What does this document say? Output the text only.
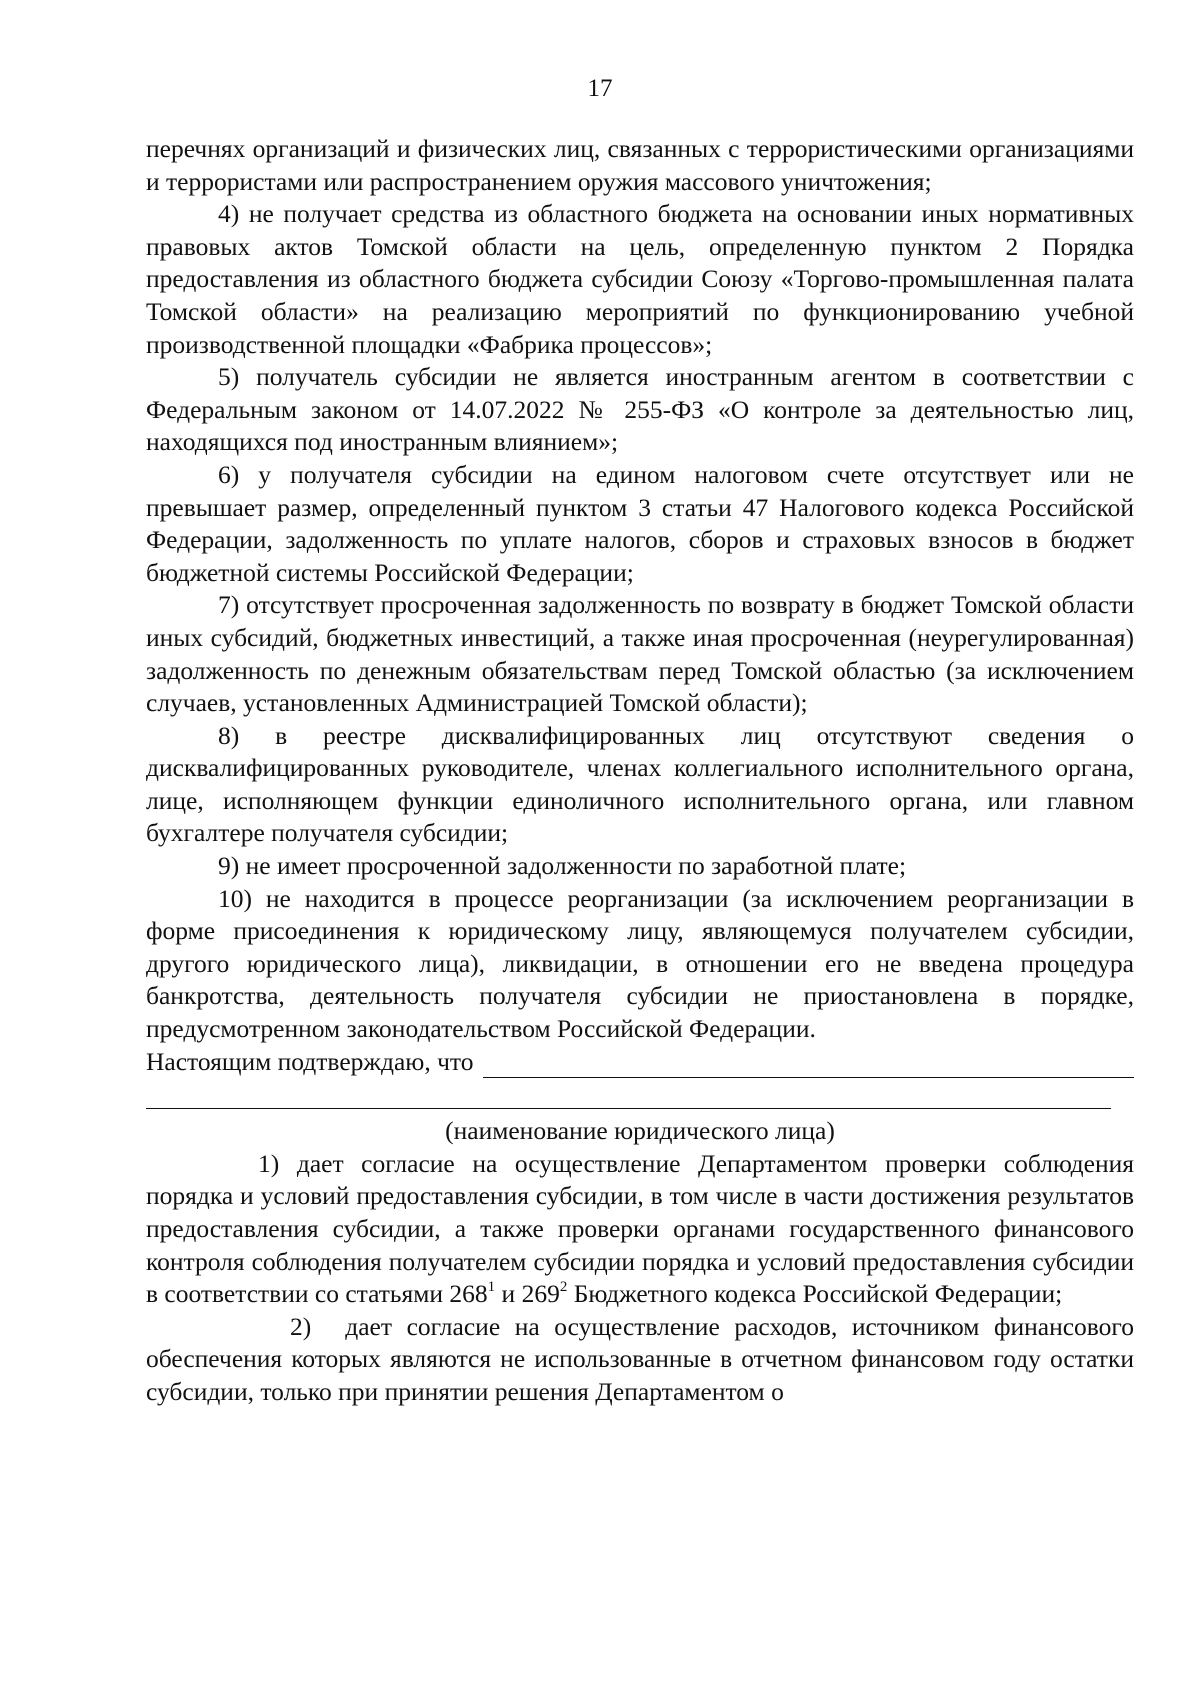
17

перечнях организаций и физических лиц, связанных с террористическими организациями и террористами или распространением оружия массового уничтожения;

4) не получает средства из областного бюджета на основании иных нормативных правовых актов Томской области на цель, определенную пунктом 2 Порядка предоставления из областного бюджета субсидии Союзу «Торгово-промышленная палата Томской области» на реализацию мероприятий по функционированию учебной производственной площадки «Фабрика процессов»;

5) получатель субсидии не является иностранным агентом в соответствии с Федеральным законом от 14.07.2022 № 255-ФЗ «О контроле за деятельностью лиц, находящихся под иностранным влиянием»;

6) у получателя субсидии на едином налоговом счете отсутствует или не превышает размер, определенный пунктом 3 статьи 47 Налогового кодекса Российской Федерации, задолженность по уплате налогов, сборов и страховых взносов в бюджет бюджетной системы Российской Федерации;

7) отсутствует просроченная задолженность по возврату в бюджет Томской области иных субсидий, бюджетных инвестиций, а также иная просроченная (неурегулированная) задолженность по денежным обязательствам перед Томской областью (за исключением случаев, установленных Администрацией Томской области);

8) в реестре дисквалифицированных лиц отсутствуют сведения о дисквалифицированных руководителе, членах коллегиального исполнительного органа, лице, исполняющем функции единоличного исполнительного органа, или главном бухгалтере получателя субсидии;

9) не имеет просроченной задолженности по заработной плате;

10) не находится в процессе реорганизации (за исключением реорганизации в форме присоединения к юридическому лицу, являющемуся получателем субсидии, другого юридического лица), ликвидации, в отношении его не введена процедура банкротства, деятельность получателя субсидии не приостановлена в порядке, предусмотренном законодательством Российской Федерации.

Настоящим подтверждаю, что

(наименование юридического лица)

1) дает согласие на осуществление Департаментом проверки соблюдения порядка и условий предоставления субсидии, в том числе в части достижения результатов предоставления субсидии, а также проверки органами государственного финансового контроля соблюдения получателем субсидии порядка и условий предоставления субсидии в соответствии со статьями $268^1$ и $269^2$ Бюджетного кодекса Российской Федерации;

2) дает согласие на осуществление расходов, источником финансового обеспечения которых являются не использованные в отчетном финансовом году остатки субсидии, только при принятии решения Департаментом о
